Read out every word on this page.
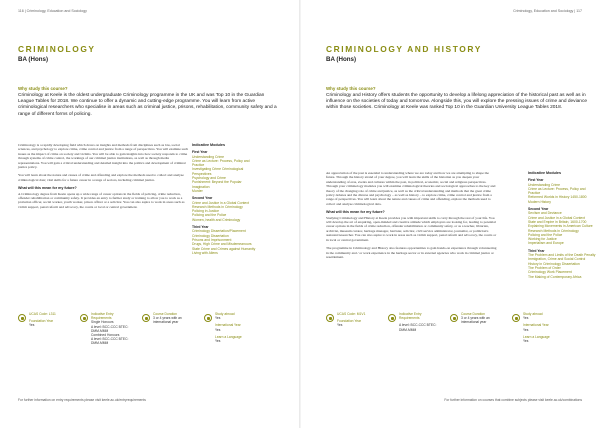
116 | Criminology, Education and Sociology
CRIMINOLOGY
BA (Hons)
Why study this course?
Criminology at Keele is the oldest undergraduate Criminology programme in the UK and was Top 10 in the Guardian League Tables for 2018. We continue to offer a dynamic and cutting-edge programme. You will learn from active criminological researchers who specialise in areas such as criminal justice, prisons, rehabilitation, community safety and a range of different forms of policing.

Criminology is a rapidly developing field which draws on insights and methods from disciplines such as law, social sciences, and psychology to explore crime, crime control and justice from a range of perspectives. You will examine such issues as the impact of crime on society and victims. You will be able to gain insights into how society responds to crime through systems of crime control, the workings of our criminal justice institutions, as well as through media representations. You will gain a critical understanding and detailed insight into the politics and development of criminal justice policy.

You will learn about the nature and causes of crime and offending and explore the methods used to collect and analyse criminological data; vital skills for a future career in a range of sectors, including criminal justice.

What will this mean for my future?

A Criminology degree from Keele opens up a wide range of career options in the fields of policing, crime reduction, offender rehabilitation or community safety. It provides an entry to further study or training to allow you to work as a probation officer, social worker, youth worker, prison officer or a solicitor. You can also aspire to work in areas such as victim support, penal reform and advocacy, the courts or local or central government.

Indicative Modules
First Year
Understanding Crime
Crime as Lecture: Process, Policy and Practice
Investigating Crime Criminological Perspectives
Psychology and Crime
Punishment: Beyond the Popular Imagination
Murder
Second Year
Crime and Justice in a Global Context
Research Methods in Criminology
Policing in Justice
Policing and the Police
Women, health and Criminology
Third Year
Criminology Dissertation/Placement
Criminology Dissertation
Prisons and Imprisonment
Drugs, High Crime and Misdemeanours
State Crime and Crimes against Humanity
Living with Aliens
UCAS Code: L311
Foundation Year
Yes
Indicative Entry Requirements
Single Honours
A level: BCC-CCC BTEC: DMM-MMM
Combined Honours
A level: BCC-CCC BTEC: DMM-MMM
Course Duration
3 or 4 years with an international year
Study abroad
Yes
International Year
Yes
Learn a Language
Yes
For further information on entry requirements please visit keele.ac.uk/entryrequirements
Criminology, Education and Sociology | 117
CRIMINOLOGY AND HISTORY
BA (Hons)
Why study this course?
Criminology and History offers students the opportunity to develop a lifelong appreciation of the historical past as well as in influence on the societies of today and tomorrow. Alongside this, you will explore the pressing issues of crime and deviance within those societies. Criminology at Keele was ranked Top 10 in the Guardian University League Tables 2018.

An appreciation of the past is essential to understanding where we are today and how we are attempting to shape the future. Through the history strand of your degree, you will learn the skills of the historian as you deepen your understanding of eras, events and cultures within the past, in political, economic, social and religious perspectives. Through your criminology modules you will examine criminological theories and sociological approaches to the key and theory of the changing role of crime and justice, as well as the critical understanding and methods that the great crime policy debates and the diverse and psychology – as well as history – to explore crime, crime control and justice from a range of perspectives. You will learn about the nature and causes of crime and offending, explore the methods used to collect and analyse criminological data.

What will this mean for my future?

Studying Criminology and History at Keele provides you with important skills to carry through the rest of your life. You will develop the art of enquiring, open-minded and creative attitude which employers are looking for, leading to potential career options in the fields of crime reduction, offender rehabilitation or community safety, or as a teacher, librarian, archivist, museum curator, heritage manager, barrister, solicitor, civil service administrator, journalist, or politician's assistant/researcher. You can also aspire to work in areas such as victim support, penal reform and advocacy, the courts or in local or central government.

The programme in Criminology and History also features opportunities to gain hands-on experience through volunteering in the community and / or work experience in the heritage sector or in external agencies who work in criminal justice or resettlement.

Indicative Modules
First Year
Understanding Crime
Crime as Lecture: Process, Policy and Practice
Reformed Worlds in History 1450-1800
Modern History
Second Year
Sex/ism and Deviance
Crime and Justice in a Global Context
State and Empire in Britain, 1600-1700
Explaining Movements in American Culture
Research Methods in Criminology
Policing and the Police
Working for Justice
Imperialism and Europe
Third Year
The Problem and Limits of the Death Penalty
Immigration, Crime and Social Control
History in Criminology Dissertation
The Problem of Order
Criminology Work Placement
The Making of Contemporary Africa
UCAS Code: M1V1
Foundation Year
Yes
Indicative Entry Requirements
A level: BCC-CCC BTEC: DMM-MMM
Course Duration
3 or 4 years with an international year
Study abroad
Yes
International Year
Yes
Learn a Language
Yes
For further information on courses that combine subjects please visit keele.ac.uk/combinations
